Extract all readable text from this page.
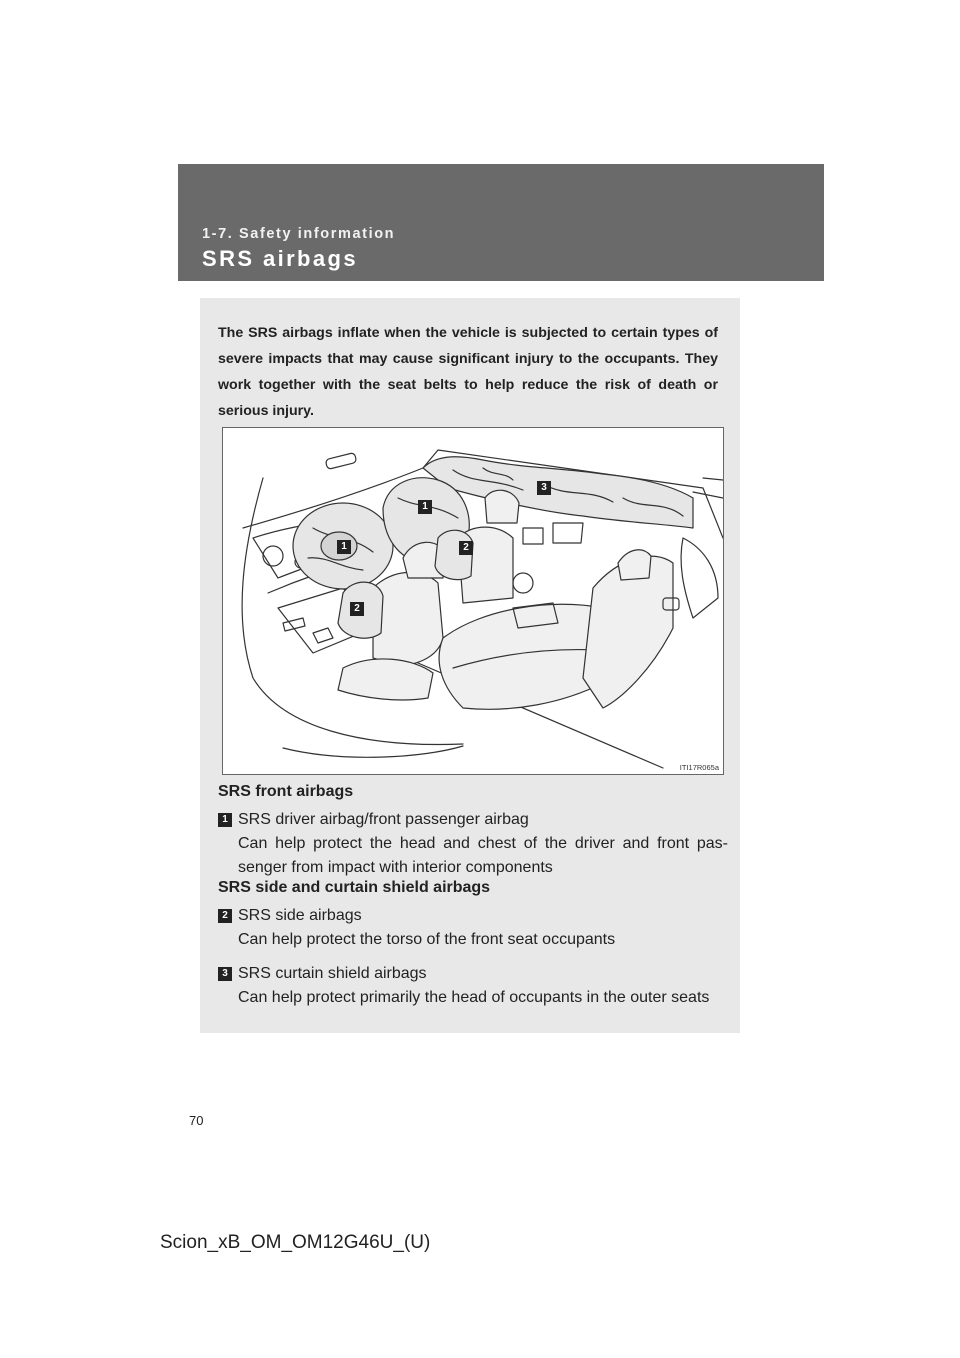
1-7. Safety information
SRS airbags
The SRS airbags inflate when the vehicle is subjected to certain types of severe impacts that may cause significant injury to the occupants. They work together with the seat belts to help reduce the risk of death or serious injury.
1
1	2
2
3
ITI17R065a
SRS front airbags
1 SRS driver airbag/front passenger airbag
Can help protect the head and chest of the driver and front pas-senger from impact with interior components
SRS side and curtain shield airbags
2 SRS side airbags
Can help protect the torso of the front seat occupants
3 SRS curtain shield airbags
Can help protect primarily the head of occupants in the outer seats
70
Scion_xB_OM_OM12G46U_(U)
